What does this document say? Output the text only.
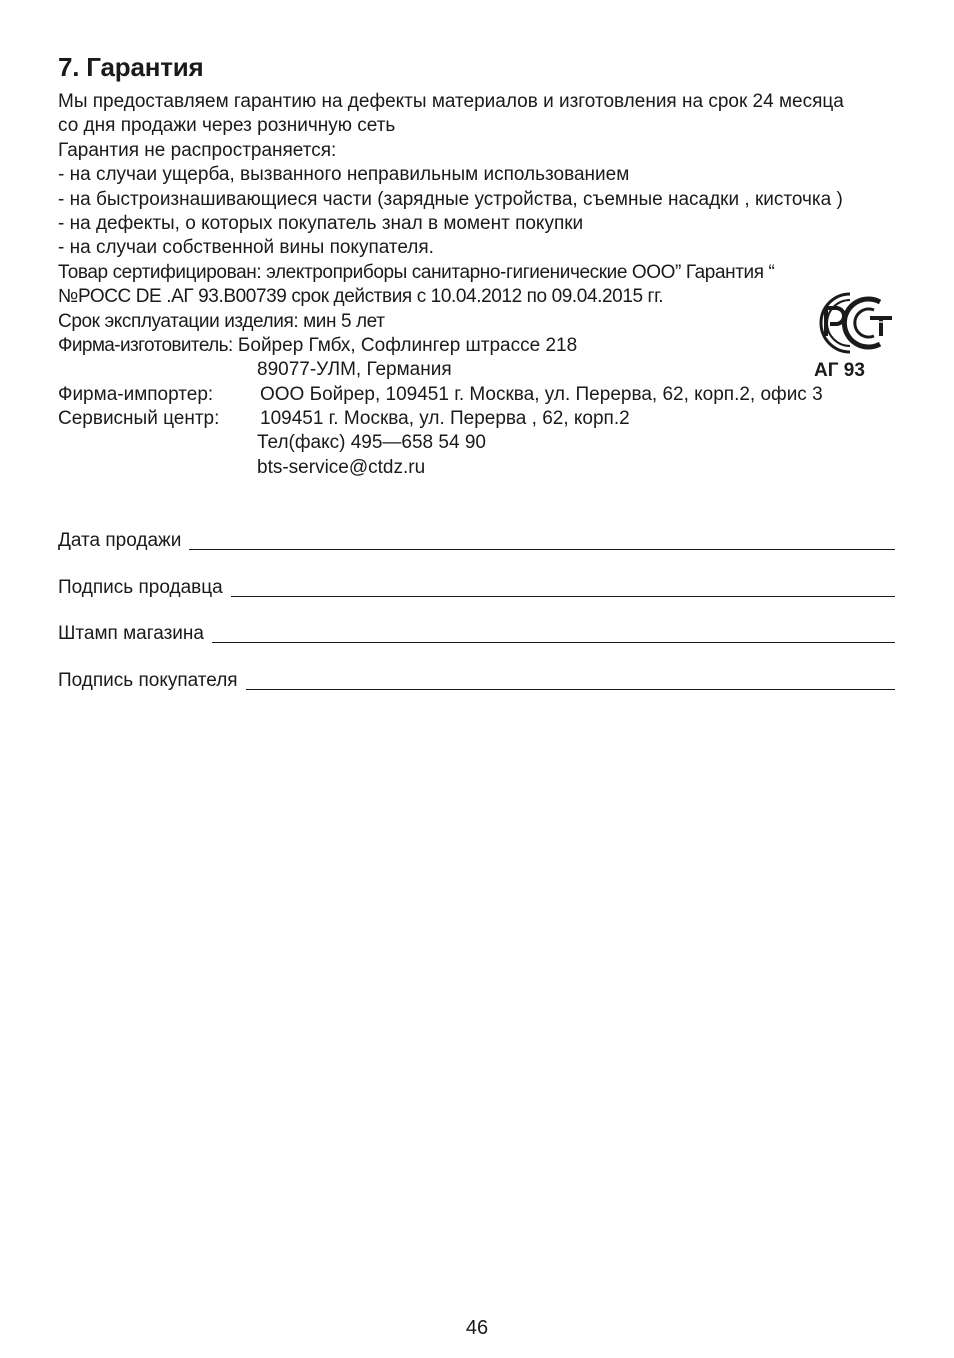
7. Гарантия
Мы предоставляем гарантию на дефекты материалов и изготовления на срок 24 месяца
со дня продажи через розничную сеть
Гарантия не распространяется:
- на случаи ущерба, вызванного неправильным использованием
- на быстроизнашивающиеся части (зарядные устройства, съемные насадки , кисточка )
- на дефекты, о которых покупатель знал в момент покупки
- на случаи собственной вины покупателя.
Товар сертифицирован: электроприборы санитарно-гигиенические ООО” Гарантия “
№РОСС DE .АГ 93.В00739 срок действия с 10.04.2012 по 09.04.2015 гг.
Срок эксплуатации изделия: мин 5 лет
Фирма-изготовитель: Бойрер Гмбх, Софлингер штрассе 218
89077-УЛМ, Германия
Фирма-импортер:	ООО Бойрер, 109451 г. Москва, ул. Перерва, 62, корп.2, офис 3
Сервисный центр:	109451 г. Москва, ул. Перерва , 62, корп.2
Тел(факс) 495—658 54 90
bts-service@ctdz.ru
АГ 93
Дата продажи
Подпись продавца
Штамп магазина
Подпись покупателя
46
